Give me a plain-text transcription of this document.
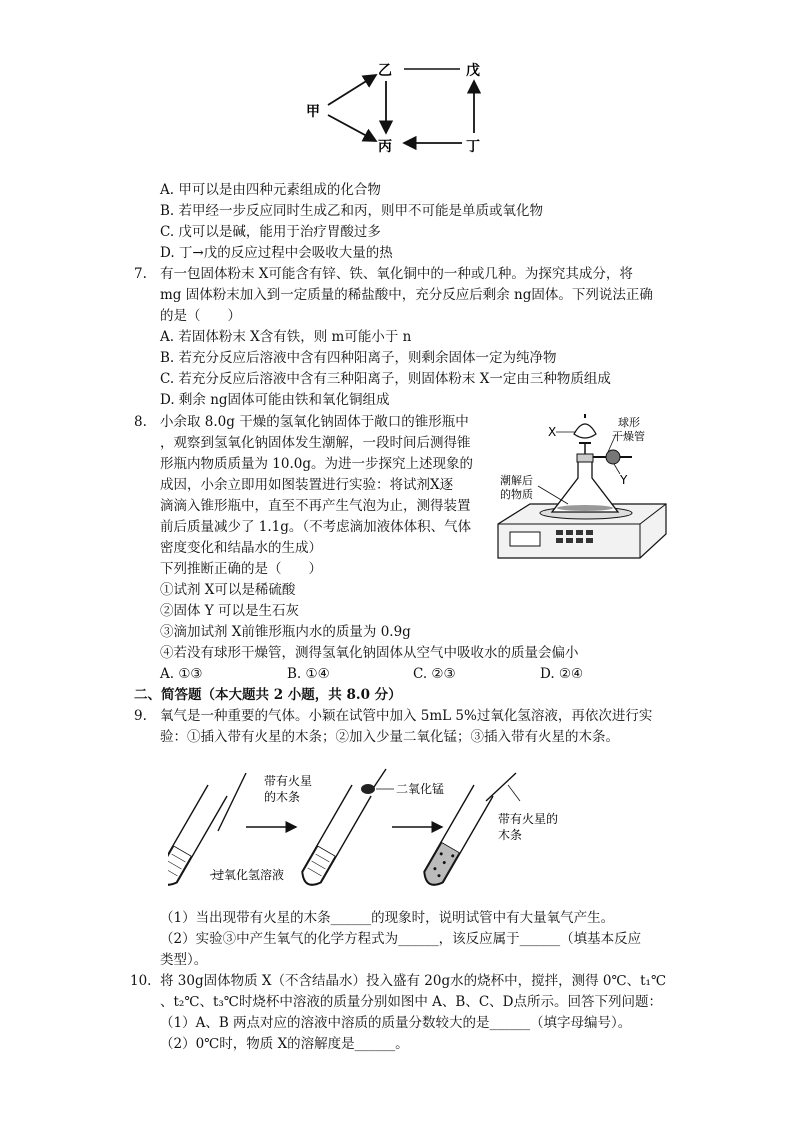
甲
乙	戊
丙	丁
A. 甲可以是由四种元素组成的化合物
B. 若甲经一步反应同时生成乙和丙，则甲不可能是单质或氧化物
C. 戊可以是碱，能用于治疗胃酸过多
D. 丁→戊的反应过程中会吸收大量的热
7. 有一包固体粉末 X可能含有锌、铁、氧化铜中的一种或几种。为探究其成分，将
mg 固体粉末加入到一定质量的稀盐酸中，充分反应后剩余 ng固体。下列说法正确
的是（　　）
A. 若固体粉末 X含有铁，则 m可能小于 n
B. 若充分反应后溶液中含有四种阳离子，则剩余固体一定为纯净物
C. 若充分反应后溶液中含有三种阳离子，则固体粉末 X一定由三种物质组成
D. 剩余 ng固体可能由铁和氧化铜组成
8. 小余取 8.0g 干燥的氢氧化钠固体于敞口的锥形瓶中
，观察到氢氧化钠固体发生潮解，一段时间后测得锥
形瓶内物质质量为 10.0g。为进一步探究上述现象的
成因，小余立即用如图装置进行实验：将试剂X逐
滴滴入锥形瓶中，直至不再产生气泡为止，测得装置
前后质量减少了 1.1g。（不考虑滴加液体体积、气体
密度变化和结晶水的生成）
下列推断正确的是（　　）
①试剂 X可以是稀硫酸
②固体 Y 可以是生石灰
③滴加试剂 X前锥形瓶内水的质量为 0.9g
④若没有球形干燥管，测得氢氧化钠固体从空气中吸收水的质量会偏小
A. ①③	B. ①④	C. ②③	D. ②④
X
球形
干燥管
Y
潮解后
的物质
二、简答题（本大题共 2 小题，共 8.0 分）
9. 氧气是一种重要的气体。小颖在试管中加入 5mL 5%过氧化氢溶液，再依次进行实
验：①插入带有火星的木条；②加入少量二氧化锰；③插入带有火星的木条。
带有火星
的木条
二氧化锰
带有火星的
木条
过氧化氢溶液
（1）当出现带有火星的木条______的现象时，说明试管中有大量氧气产生。
（2）实验③中产生氧气的化学方程式为______，该反应属于______（填基本反应
类型）。
10. 将 30g固体物质 X（不含结晶水）投入盛有 20g水的烧杯中，搅拌，测得 0℃、t₁℃
、t₂℃、t₃℃时烧杯中溶液的质量分别如图中 A、B、C、D点所示。回答下列问题：
（1）A、B 两点对应的溶液中溶质的质量分数较大的是______（填字母编号）。
（2）0℃时，物质 X的溶解度是______。
